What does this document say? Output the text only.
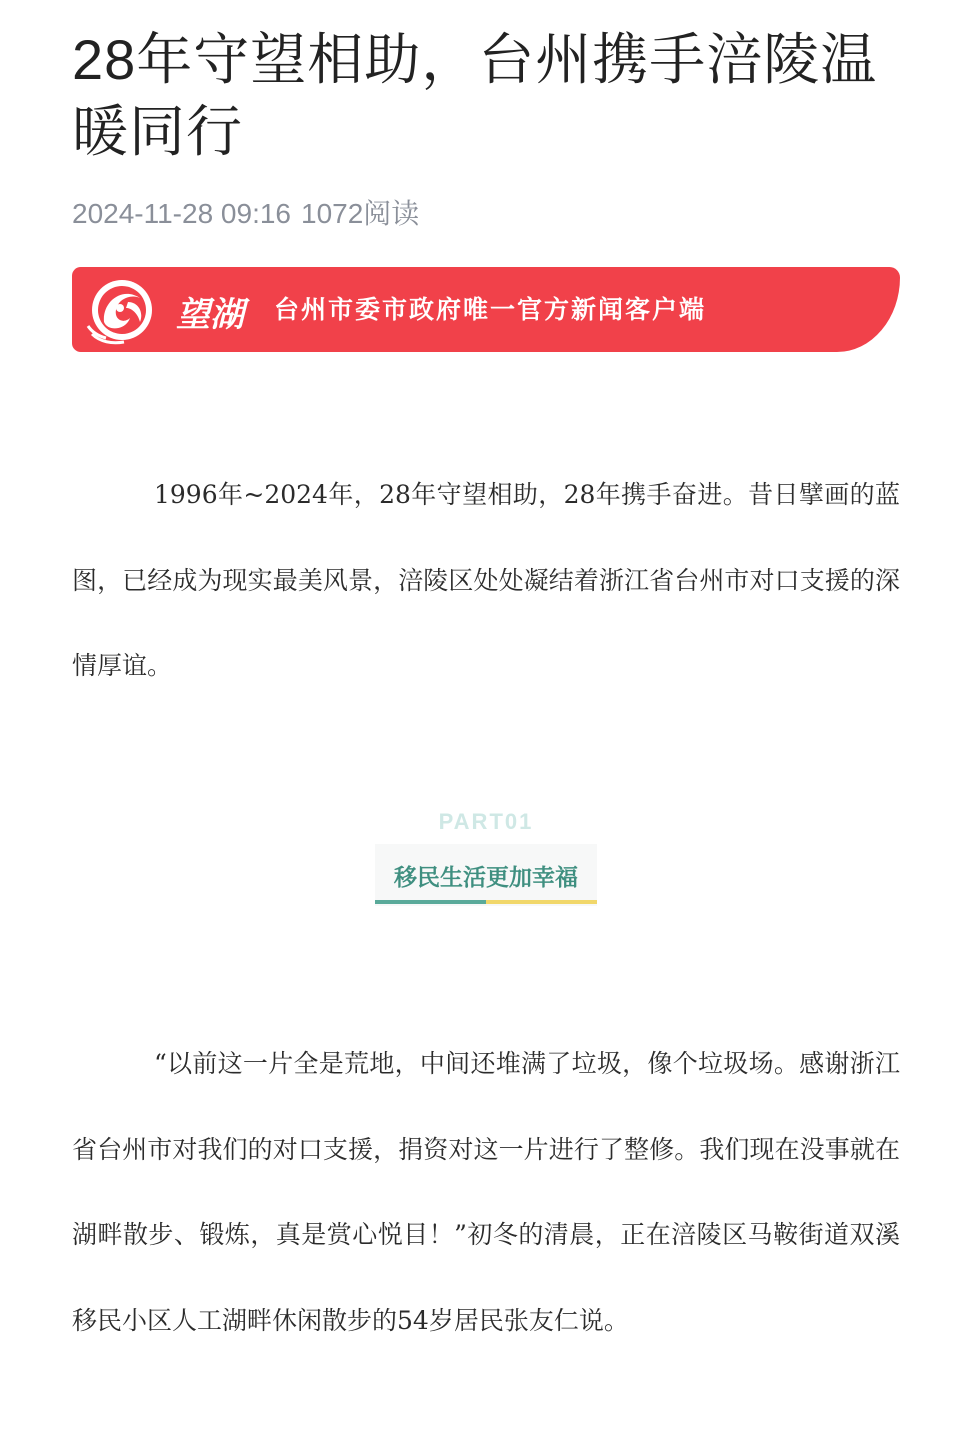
28年守望相助，台州携手涪陵温暖同行
2024-11-28 09:16 1072阅读
望湖 台州市委市政府唯一官方新闻客户端

1996年~2024年，28年守望相助，28年携手奋进。昔日擘画的蓝图，已经成为现实最美风景，涪陵区处处凝结着浙江省台州市对口支援的深情厚谊。

PART01
移民生活更加幸福

“以前这一片全是荒地，中间还堆满了垃圾，像个垃圾场。感谢浙江省台州市对我们的对口支援，捐资对这一片进行了整修。我们现在没事就在湖畔散步、锻炼，真是赏心悦目！”初冬的清晨，正在涪陵区马鞍街道双溪移民小区人工湖畔休闲散步的54岁居民张友仁说。
